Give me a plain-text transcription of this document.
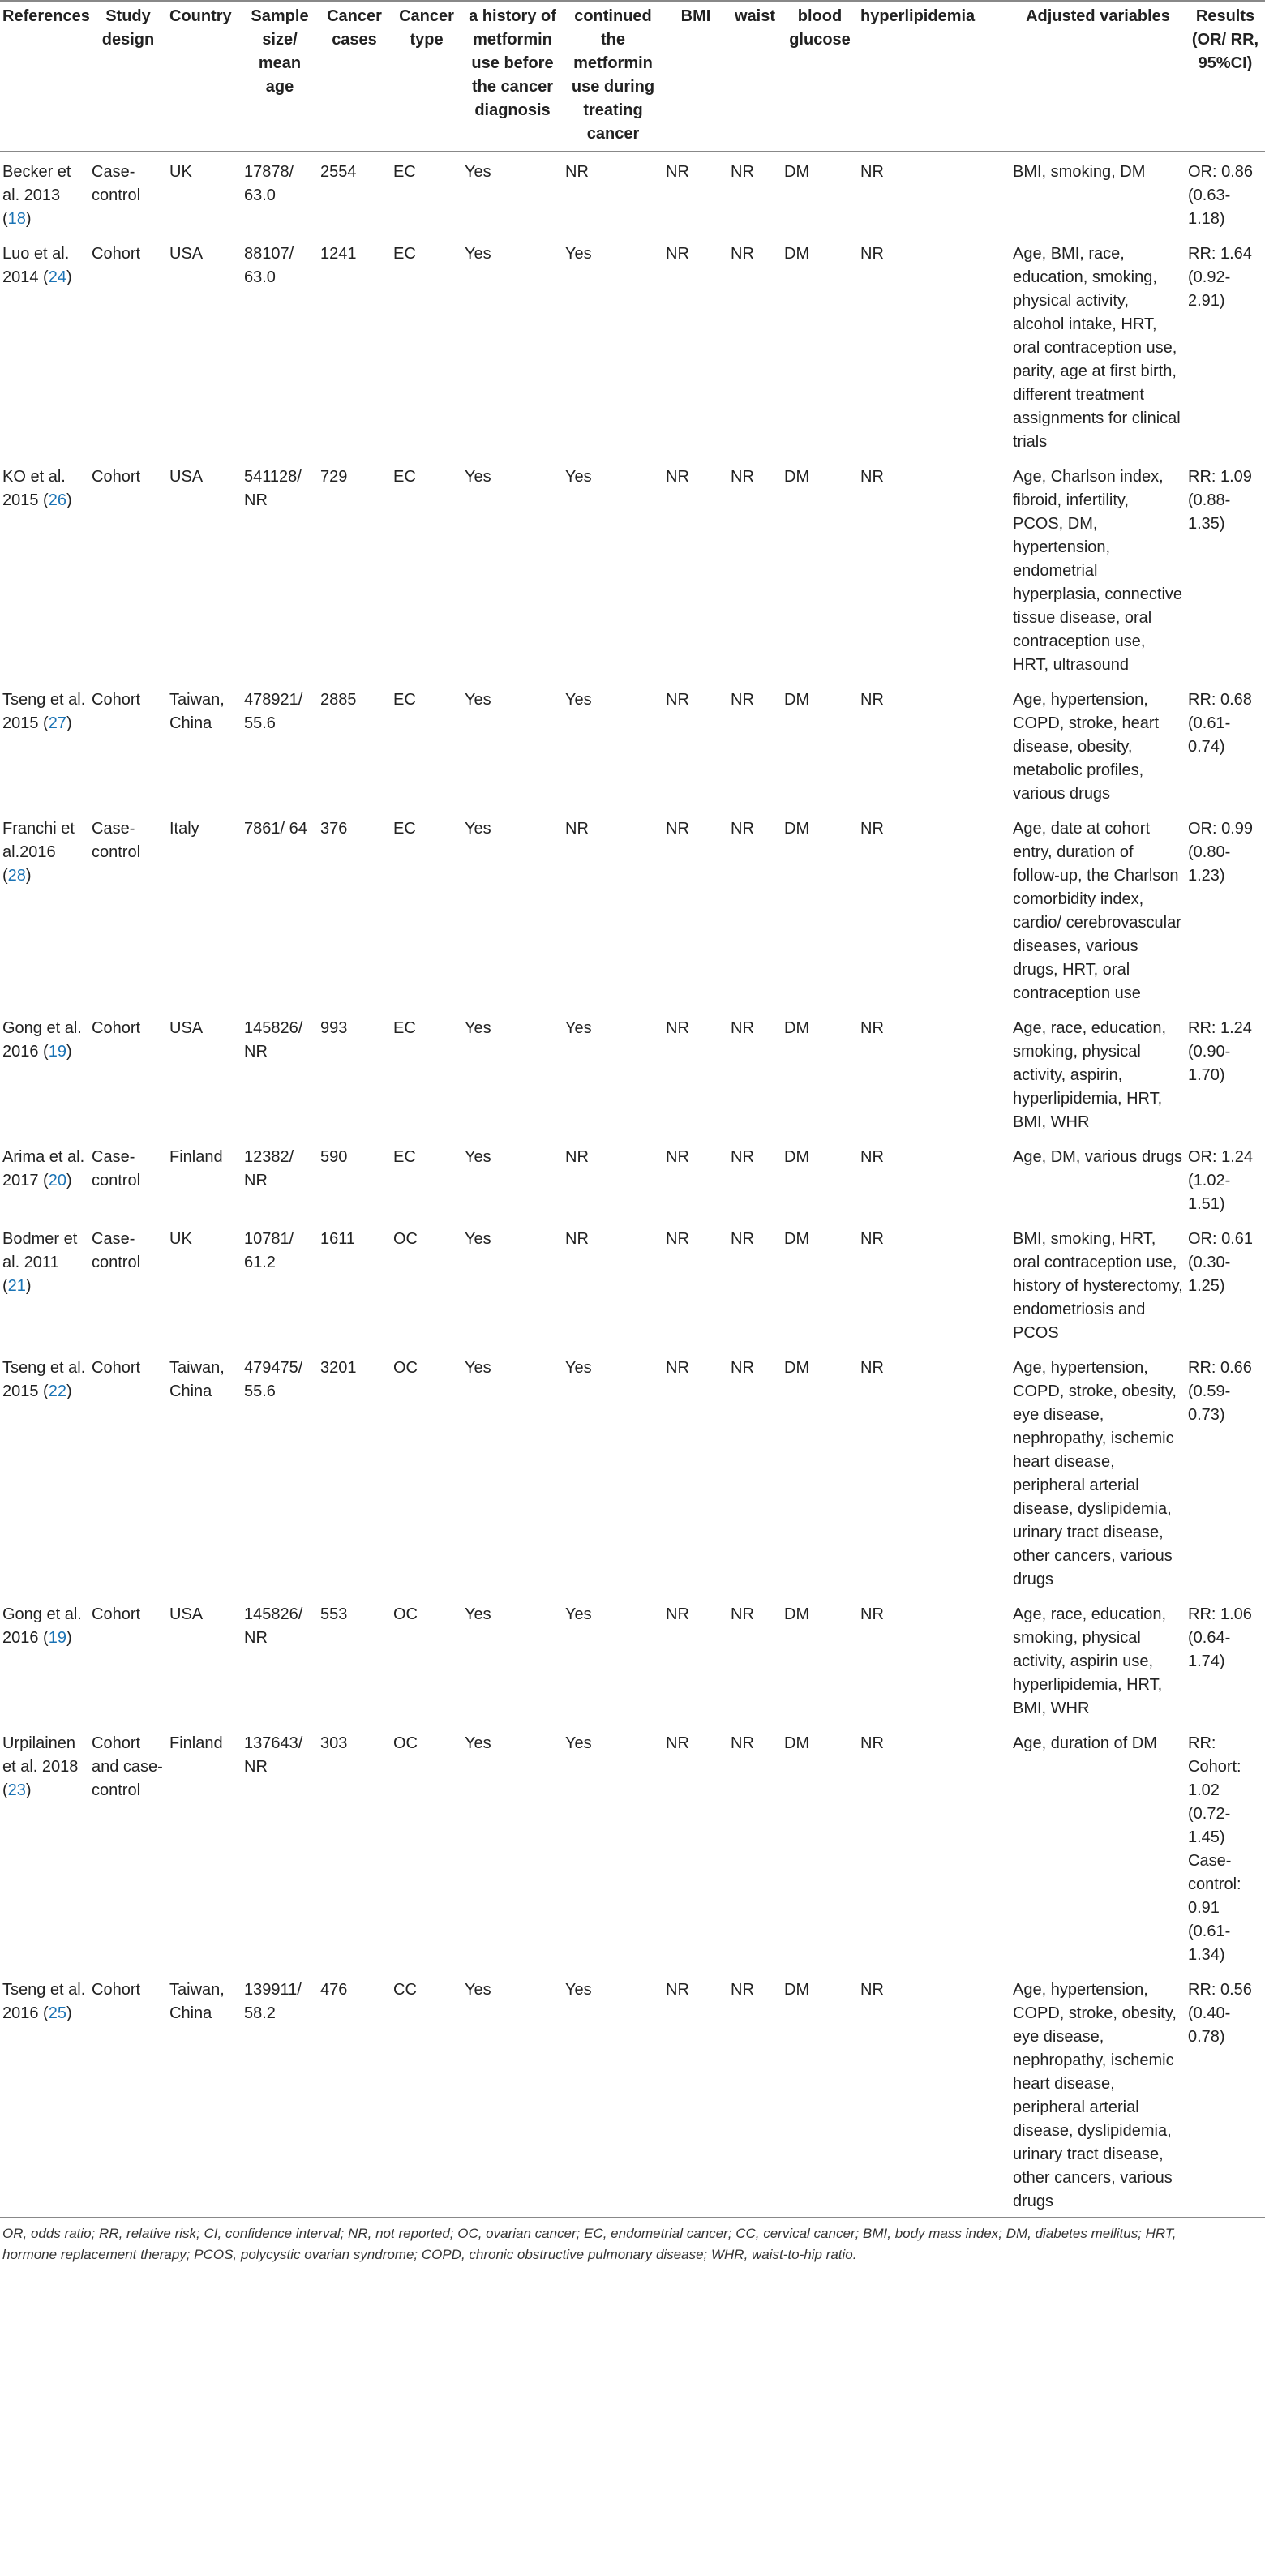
References	Study design	Country	Sample size/ mean age	Cancer cases	Cancer type	a history of metformin use before the cancer diagnosis	continued the metformin use during treating cancer	BMI	waist	blood glucose	hyperlipidemia	Adjusted variables	Results (OR/ RR, 95%CI)
Becker et al. 2013 (18)	Case-control	UK	17878/ 63.0	2554	EC	Yes	NR	NR	NR	DM	NR	BMI, smoking, DM	OR: 0.86 (0.63-1.18)
Luo et al. 2014 (24)	Cohort	USA	88107/ 63.0	1241	EC	Yes	Yes	NR	NR	DM	NR	Age, BMI, race, education, smoking, physical activity, alcohol intake, HRT, oral contraception use, parity, age at first birth, different treatment assignments for clinical trials	RR: 1.64 (0.92-2.91)
KO et al. 2015 (26)	Cohort	USA	541128/ NR	729	EC	Yes	Yes	NR	NR	DM	NR	Age, Charlson index, fibroid, infertility, PCOS, DM, hypertension, endometrial hyperplasia, connective tissue disease, oral contraception use, HRT, ultrasound	RR: 1.09 (0.88-1.35)
Tseng et al. 2015 (27)	Cohort	Taiwan, China	478921/ 55.6	2885	EC	Yes	Yes	NR	NR	DM	NR	Age, hypertension, COPD, stroke, heart disease, obesity, metabolic profiles, various drugs	RR: 0.68 (0.61-0.74)
Franchi et al.2016 (28)	Case-control	Italy	7861/ 64	376	EC	Yes	NR	NR	NR	DM	NR	Age, date at cohort entry, duration of follow-up, the Charlson comorbidity index, cardio/ cerebrovascular diseases, various drugs, HRT, oral contraception use	OR: 0.99 (0.80-1.23)
Gong et al. 2016 (19)	Cohort	USA	145826/ NR	993	EC	Yes	Yes	NR	NR	DM	NR	Age, race, education, smoking, physical activity, aspirin, hyperlipidemia, HRT, BMI, WHR	RR: 1.24 (0.90-1.70)
Arima et al. 2017 (20)	Case-control	Finland	12382/ NR	590	EC	Yes	NR	NR	NR	DM	NR	Age, DM, various drugs	OR: 1.24 (1.02-1.51)
Bodmer et al. 2011 (21)	Case-control	UK	10781/ 61.2	1611	OC	Yes	NR	NR	NR	DM	NR	BMI, smoking, HRT, oral contraception use, history of hysterectomy, endometriosis and PCOS	OR: 0.61 (0.30-1.25)
Tseng et al. 2015 (22)	Cohort	Taiwan, China	479475/ 55.6	3201	OC	Yes	Yes	NR	NR	DM	NR	Age, hypertension, COPD, stroke, obesity, eye disease, nephropathy, ischemic heart disease, peripheral arterial disease, dyslipidemia, urinary tract disease, other cancers, various drugs	RR: 0.66 (0.59-0.73)
Gong et al. 2016 (19)	Cohort	USA	145826/ NR	553	OC	Yes	Yes	NR	NR	DM	NR	Age, race, education, smoking, physical activity, aspirin use, hyperlipidemia, HRT, BMI, WHR	RR: 1.06 (0.64-1.74)
Urpilainen et al. 2018 (23)	Cohort and case-control	Finland	137643/ NR	303	OC	Yes	Yes	NR	NR	DM	NR	Age, duration of DM	RR: Cohort: 1.02 (0.72-1.45) Case-control: 0.91 (0.61-1.34)
Tseng et al. 2016 (25)	Cohort	Taiwan, China	139911/ 58.2	476	CC	Yes	Yes	NR	NR	DM	NR	Age, hypertension, COPD, stroke, obesity, eye disease, nephropathy, ischemic heart disease, peripheral arterial disease, dyslipidemia, urinary tract disease, other cancers, various drugs	RR: 0.56 (0.40-0.78)
OR, odds ratio; RR, relative risk; CI, confidence interval; NR, not reported; OC, ovarian cancer; EC, endometrial cancer; CC, cervical cancer; BMI, body mass index; DM, diabetes mellitus; HRT, hormone replacement therapy; PCOS, polycystic ovarian syndrome; COPD, chronic obstructive pulmonary disease; WHR, waist-to-hip ratio.
